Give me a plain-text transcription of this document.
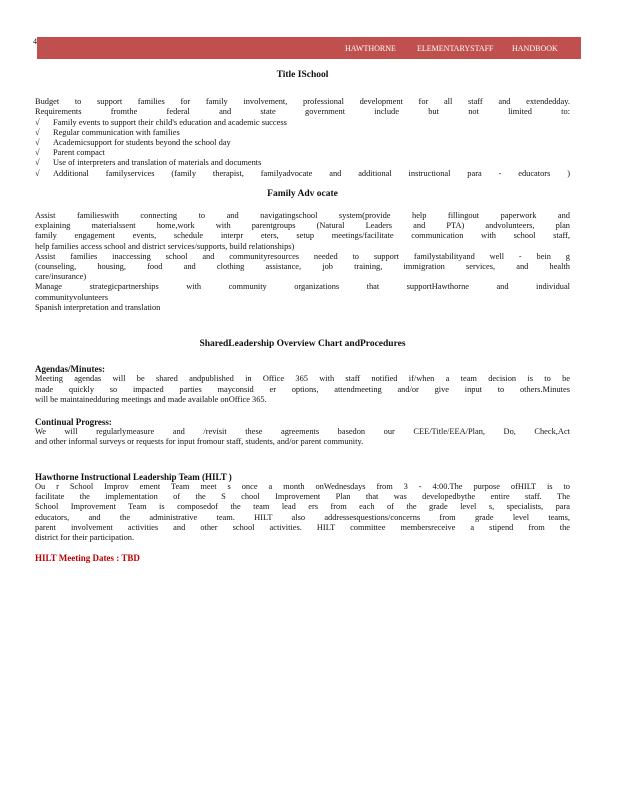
4
HAWTHORNE	ELEMENTARYSTAFF HANDBOOK
Title ISchool
Budget to support families for family involvement, professional development for all staff and extendedday.
Requirements fromthe federal and state government include but not limited to:
√	Family events to support their child's education and academic success
√	Regular communication with families
√	Academicsupport for students beyond the school day
√	Parent compact
√	Use of interpreters and translation of materials and documents
√	Additional familyservices (family therapist, familyadvocate and additional instructional para - educators )
Family Adv ocate
Assist familieswith connecting to and navigatingschool system(provide help fillingout paperwork and
explaining materialssent home,work with parentgroups (Natural Leaders and PTA) andvolunteers, plan
family engagement events, schedule interpr eters, setup meetings/facilitate communication with school staff,
help families access school and district services/supports, build relationships)
Assist families inaccessing school and communityresources needed to support familystabilityand well - bein g
(counseling, housing, food and clothing assistance, job training, immigration services, and health
care/insurance)
Manage strategicpartnerships with community organizations that supportHawthorne and individual
communityvolunteers
Spanish interpretation and translation
SharedLeadership Overview Chart andProcedures
Agendas/Minutes:
Meeting agendas will be shared andpublished in Office 365 with staff notified if/when a team decision is to be
made quickly so impacted parties mayconsid er options, attendmeeting and/or give input to others.Minutes
will be maintainedduring meetings and made available onOffice 365.
Continual Progress:
We will regularlymeasure and /revisit these agreements basedon our CEE/Title/EEA/Plan, Do, Check,Act
and other informal surveys or requests for input fromour staff, students, and/or parent community.
Hawthorne Instructional Leadership Team (HILT )
Ou r School Improv ement Team meet s once a month onWednesdays from 3 - 4:00.The purpose ofHILT is to
facilitate the implementation of the S chool Improvement Plan that was developedbythe entire staff. The
School Improvement Team is composedof the team lead ers from each of the grade level s, specialists, para
educators, and the administrative team. HILT also addressesquestions/concerns from grade level teams,
parent involvement activities and other school activities. HILT committee membersreceive a stipend from the
district for their participation.
HILT Meeting Dates : TBD
